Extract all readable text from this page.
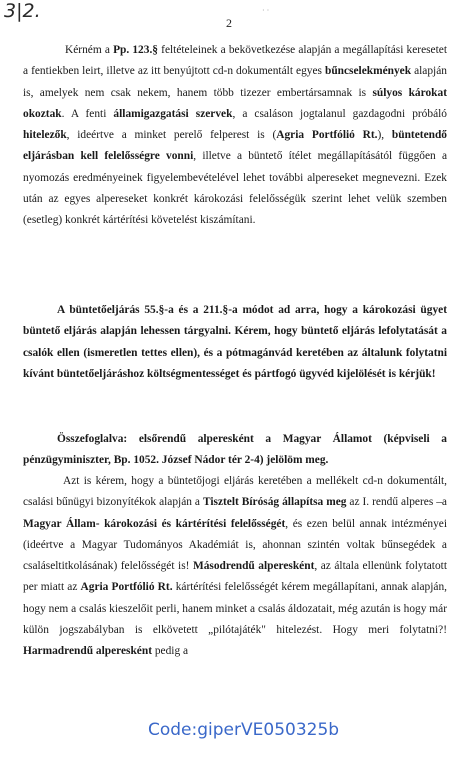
3|2.	· ·
2

Kérném a Pp. 123.§ feltételeinek a bekövetkezése alapján a megállapítási keresetet a fentiekben leirt, illetve az itt benyújtott cd-n dokumentált egyes bűncselekmények alapján is, amelyek nem csak nekem, hanem több tizezer embertársamnak is súlyos károkat okoztak. A fenti államigazgatási szervek, a csaláson jogtalanul gazdagodni próbáló hitelezők, ideértve a minket perelő felperest is (Agria Portfólió Rt.), büntetendő eljárásban kell felelősségre vonni, illetve a büntető ítélet megállapításától függően a nyomozás eredményeinek figyelembevételével lehet további alpereseket megnevezni. Ezek után az egyes alpereseket konkrét károkozási felelősségük szerint lehet velük szemben (esetleg) konkrét kártérítési követelést kiszámítani.

A büntetőeljárás 55.§-a és a 211.§-a módot ad arra, hogy a károkozási ügyet büntető eljárás alapján lehessen tárgyalni. Kérem, hogy büntető eljárás lefolytatását a csalók ellen (ismeretlen tettes ellen), és a pótmagánvád keretében az általunk folytatni kívánt büntetőeljáráshoz költségmentességet és pártfogó ügyvéd kijelölését is kérjük!

Összefoglalva: elsőrendű alperesként a Magyar Államot (képviseli a pénzügyminiszter, Bp. 1052. József Nádor tér 2-4) jelölöm meg.

Azt is kérem, hogy a büntetőjogi eljárás keretében a mellékelt cd-n dokumentált, csalási bűnügyi bizonyítékok alapján a Tisztelt Bíróság állapítsa meg az I. rendű alperes –a Magyar Állam- károkozási és kártérítési felelősségét, és ezen belül annak intézményei (ideértve a Magyar Tudományos Akadémiát is, ahonnan szintén voltak bűnsegédek a csaláseltitkolásának) felelősségét is! Másodrendű alperesként, az általa ellenünk folytatott per miatt az Agria Portfólió Rt. kártérítési felelősségét kérem megállapítani, annak alapján, hogy nem a csalás kieszelőit perli, hanem minket a csalás áldozatait, még azután is hogy már külön jogszabályban is elkövetett „pilótajáték" hitelezést. Hogy meri folytatni?! Harmadrendű alperesként pedig a

Code:giperVE050325b
